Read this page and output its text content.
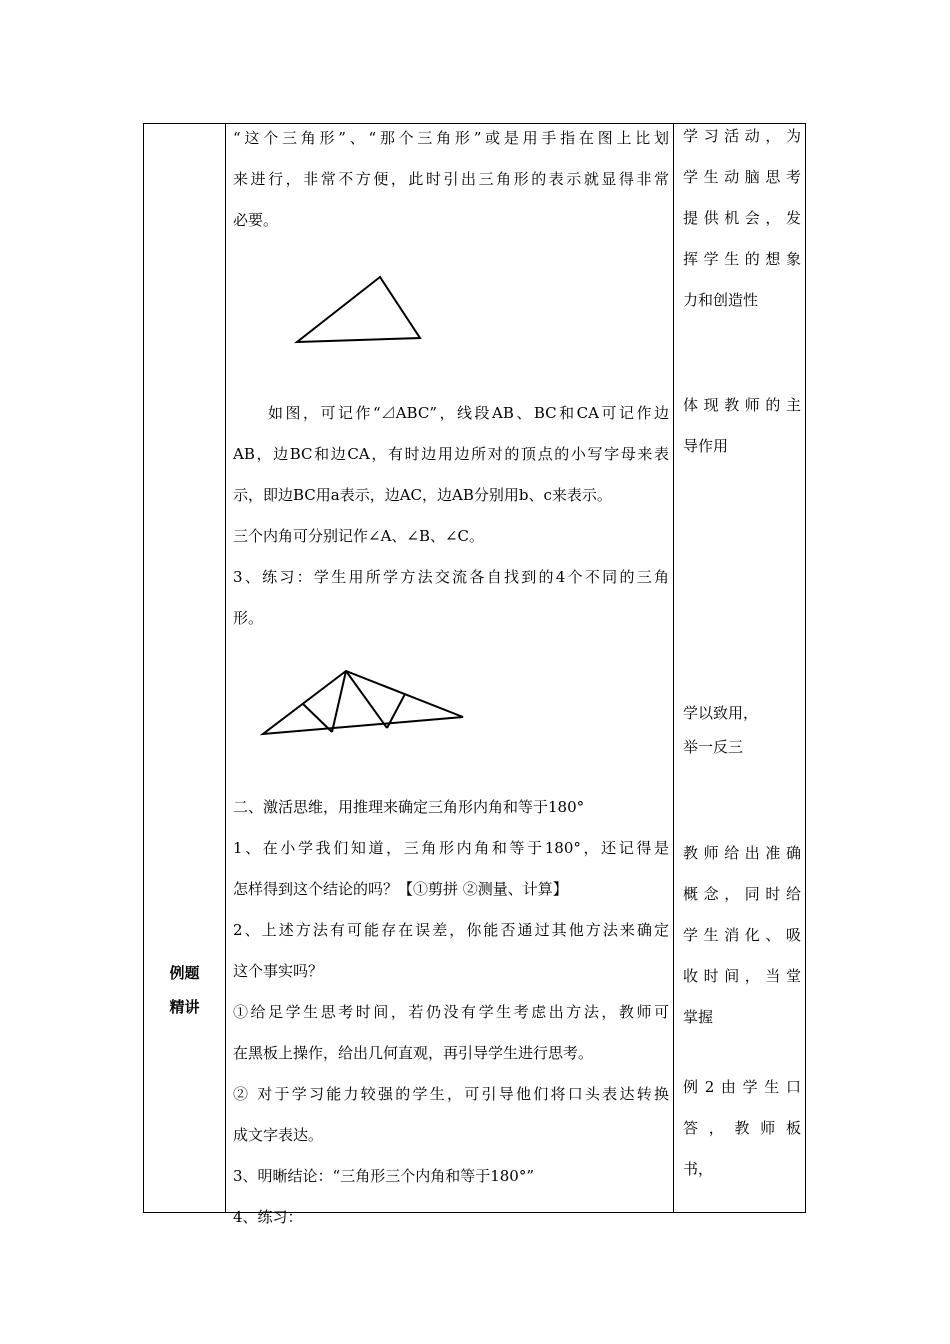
例题
精讲
“这个三角形”、“那个三角形”或是用手指在图上比划
来进行，非常不方便，此时引出三角形的表示就显得非常
必要。
　　如图，可记作“⊿ABC”，线段AB、BC和CA可记作边
AB，边BC和边CA，有时边用边所对的顶点的小写字母来表
示，即边BC用a表示，边AC，边AB分别用b、c来表示。
三个内角可分别记作∠A、∠B、∠C。
3、练习：学生用所学方法交流各自找到的4个不同的三角
形。
二、激活思维，用推理来确定三角形内角和等于180°
1、在小学我们知道，三角形内角和等于180°，还记得是
怎样得到这个结论的吗？【①剪拼 ②测量、计算】
2、上述方法有可能存在误差，你能否通过其他方法来确定
这个事实吗？
①给足学生思考时间，若仍没有学生考虑出方法，教师可
在黑板上操作，给出几何直观，再引导学生进行思考。
② 对于学习能力较强的学生，可引导他们将口头表达转换
成文字表达。
3、明晰结论：“三角形三个内角和等于180°”
4、练习：
学习活动，为
学生动脑思考
提供机会，发
挥学生的想象
力和创造性
体现教师的主
导作用
学以致用，
举一反三
教师给出准确
概念，同时给
学生消化、吸
收时间，当堂
掌握
例2由学生口
答，教师板
书，
